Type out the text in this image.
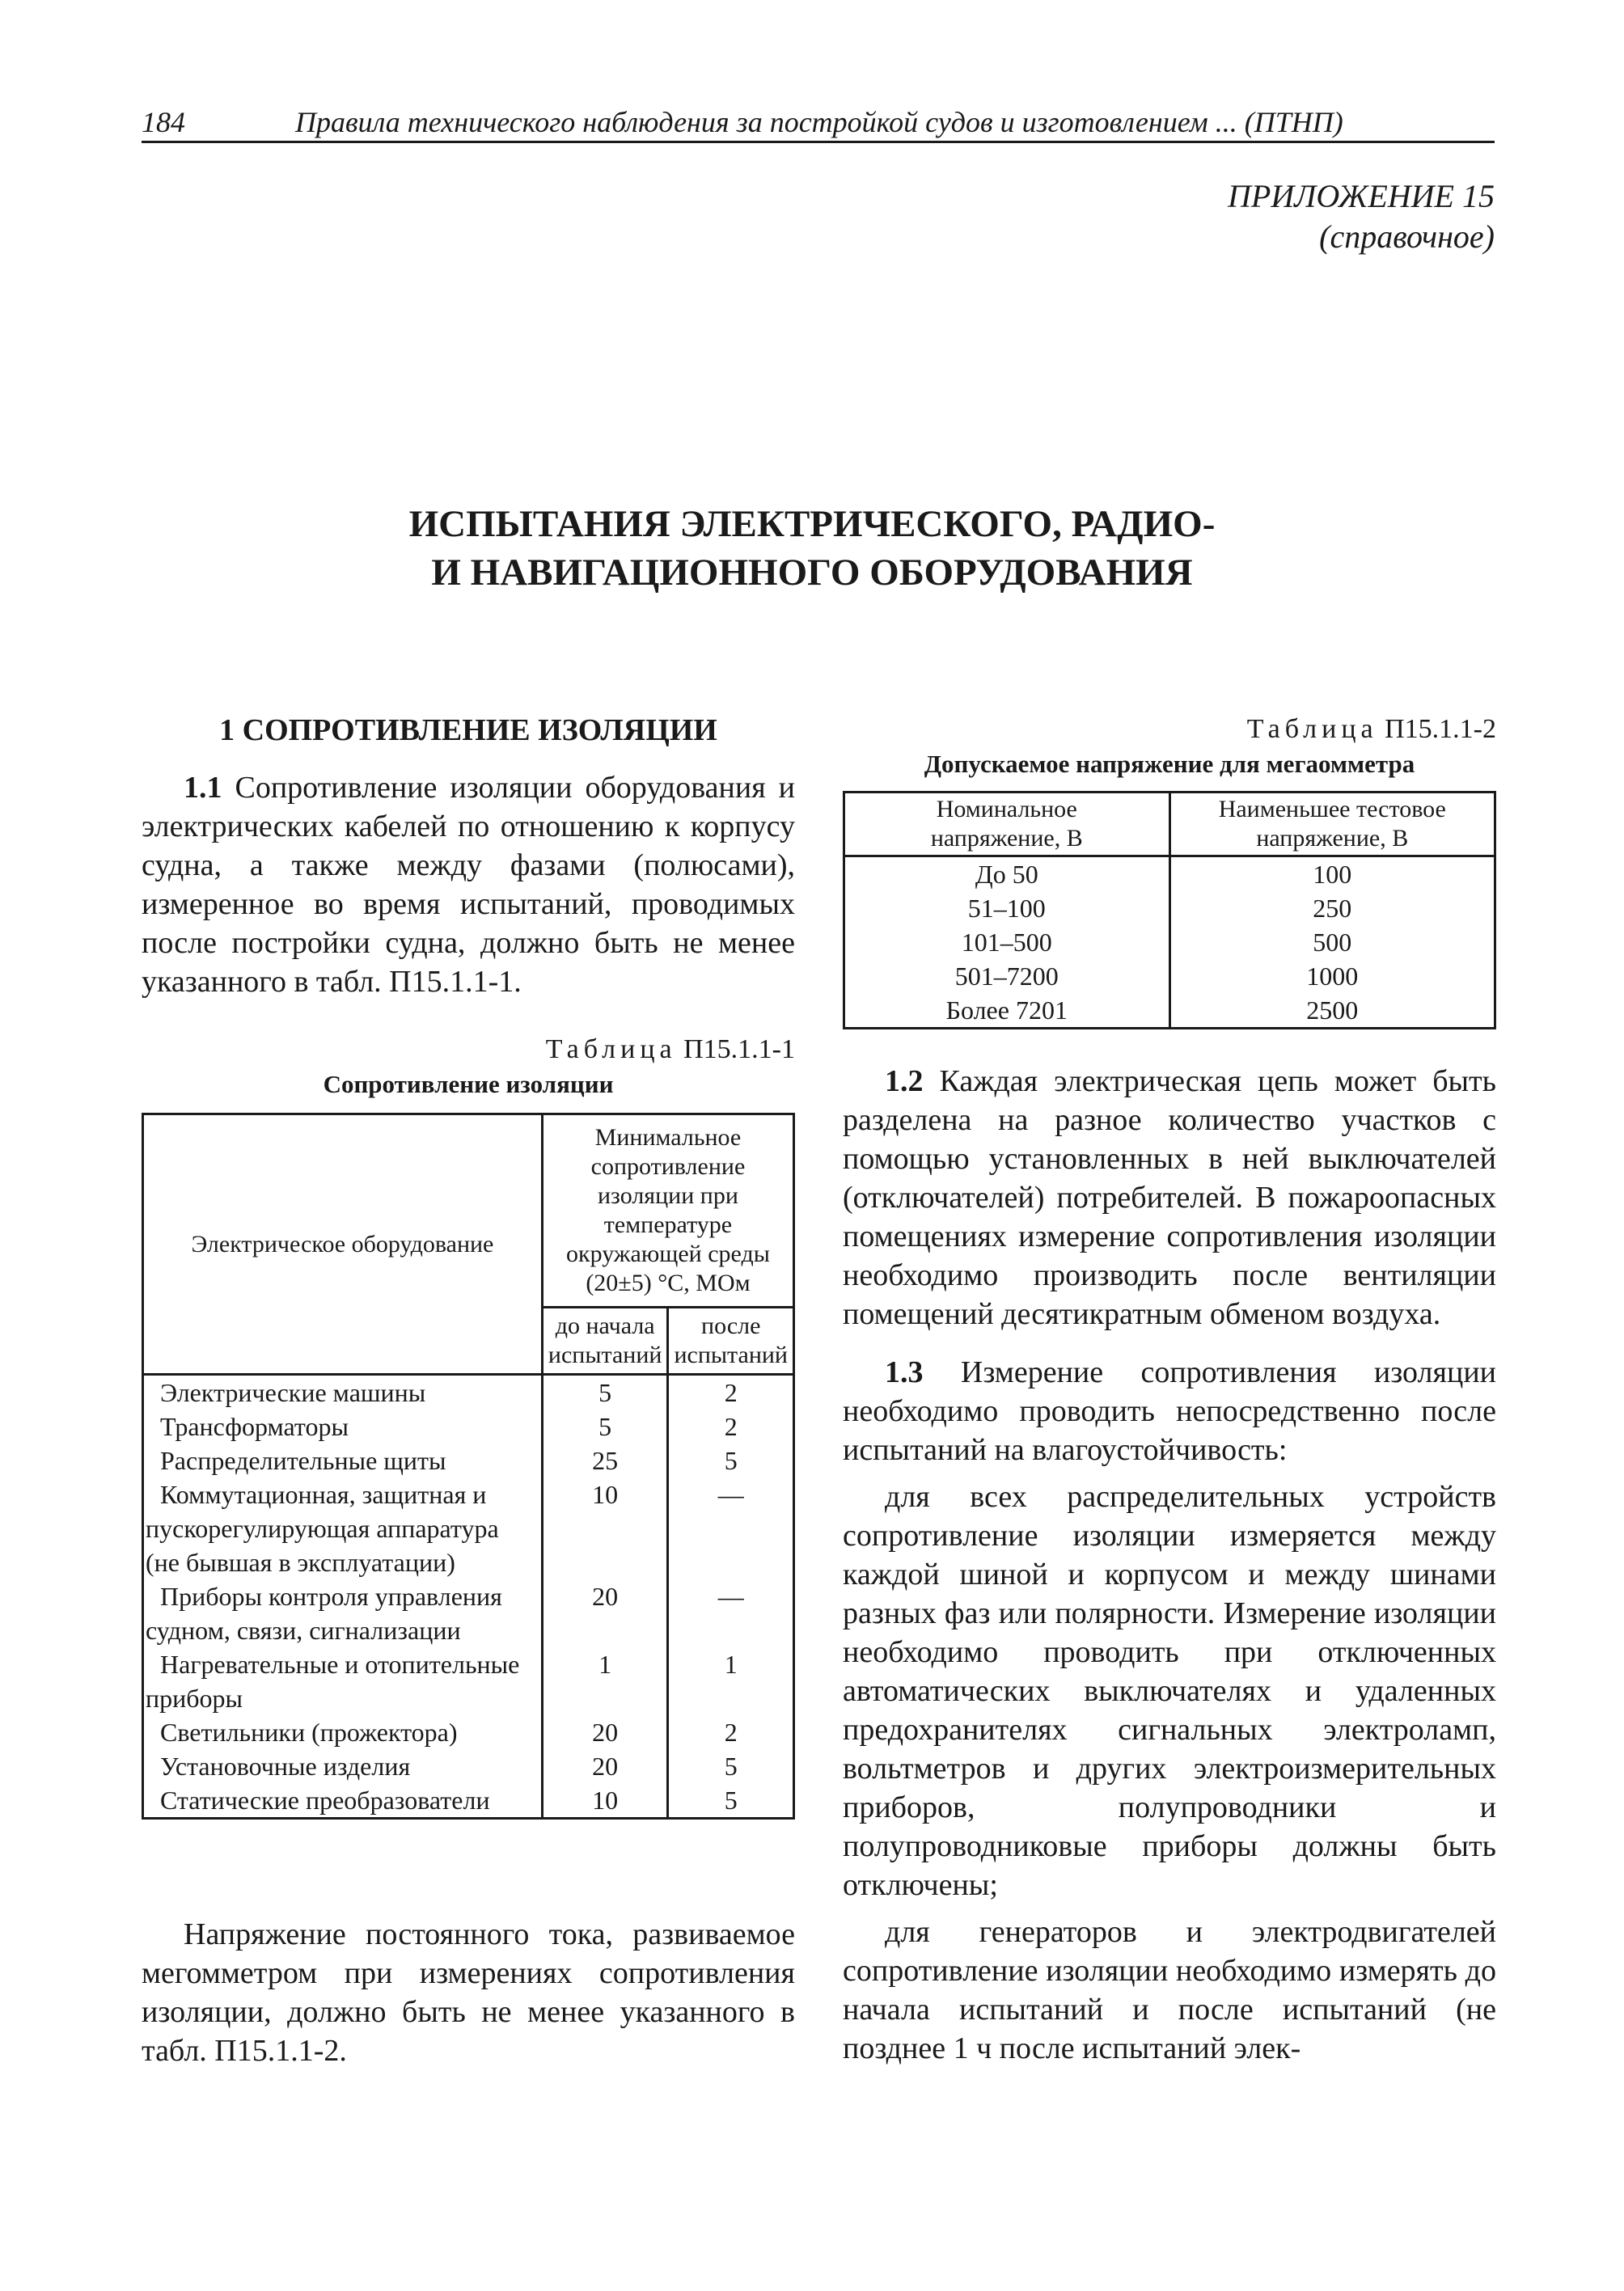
184	Правила технического наблюдения за постройкой судов и изготовлением ... (ПТНП)
ПРИЛОЖЕНИЕ 15
(справочное)
ИСПЫТАНИЯ ЭЛЕКТРИЧЕСКОГО, РАДИО-
И НАВИГАЦИОННОГО ОБОРУДОВАНИЯ
1 СОПРОТИВЛЕНИЕ ИЗОЛЯЦИИ

1.1 Сопротивление изоляции оборудования и электрических кабелей по отношению к корпусу судна, а также между фазами (полюсами), измеренное во время испытаний, проводимых после постройки судна, должно быть не менее указанного в табл. П15.1.1-1.

Таблица П15.1.1-1
Сопротивление изоляции
Электрическое оборудование	Минимальное сопротивление изоляции при температуре окружающей среды (20±5) °С, МОм	
	до начала испытаний	после испытаний
Электрические машины	5	2
Трансформаторы	5	2
Распределительные щиты	25	5
Коммутационная, защитная и пускорегулирующая аппаратура (не бывшая в эксплуатации)	10	—
Приборы контроля управления судном, связи, сигнализации	20	—
Нагревательные и отопительные приборы	1	1
Светильники (прожектора)	20	2
Установочные изделия	20	5
Статические преобразователи	10	5

Напряжение постоянного тока, развиваемое мегомметром при измерениях сопротивления изоляции, должно быть не менее указанного в табл. П15.1.1-2.

Таблица П15.1.1-2
Допускаемое напряжение для мегаомметра
Номинальное напряжение, В	Наименьшее тестовое напряжение, В
До 50	100
51–100	250
101–500	500
501–7200	1000
Более 7201	2500

1.2 Каждая электрическая цепь может быть разделена на разное количество участков с помощью установленных в ней выключателей (отключателей) потребителей. В пожароопасных помещениях измерение сопротивления изоляции необходимо производить после вентиляции помещений десятикратным обменом воздуха.

1.3 Измерение сопротивления изоляции необходимо проводить непосредственно после испытаний на влагоустойчивость:

для всех распределительных устройств сопротивление изоляции измеряется между каждой шиной и корпусом и между шинами разных фаз или полярности. Измерение изоляции необходимо проводить при отключенных автоматических выключателях и удаленных предохранителях сигнальных электроламп, вольтметров и других электроизмерительных приборов, полупроводники и полупроводниковые приборы должны быть отключены;

для генераторов и электродвигателей сопротивление изоляции необходимо измерять до начала испытаний и после испытаний (не позднее 1 ч после испытаний элек-
